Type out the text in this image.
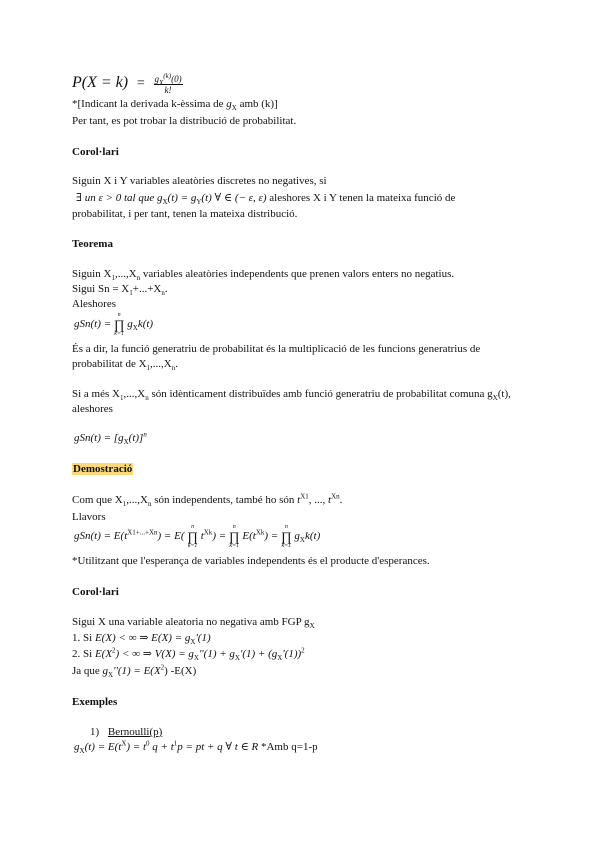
$P(X = k) = \frac{g_X^{(k)}(0)}{k!}$
*[Indicant la derivada k-èssima de $g_X$ amb (k)]
Per tant, es pot trobar la distribució de probabilitat.
Corol·lari
Siguin X i Y variables aleatòries discretes no negatives, si
∃ un ε > 0 tal que $g_X(t) = g_Y(t)$ ∀ ∈ (− ε, ε) aleshores X i Y tenen la mateixa funció de
probabilitat, i per tant, tenen la mateixa distribució.
Teorema
Siguin $X_1,...,X_n$ variables aleatòries independents que prenen valors enters no negatius.
Sigui $Sn = X_1+...+X_n$.
Aleshores
gSn(t) =
n
∏
k=1
$g_Xk(t)$
És a dir, la funció generatriu de probabilitat és la multiplicació de les funcions generatrius de
probabilitat de $X_1,...,X_n$.
Si a més $X_1,...,X_n$ són idènticament distribuïdes amb funció generatriu de probabilitat comuna $g_X(t)$,
aleshores
$gSn(t) = [g_X(t)]^n$
Demostració
Com que $X_1,...,X_n$ són independents, també ho són $t^{X1}$, ..., $t^{Xn}$.
Llavors
$gSn(t) = E(t^{X1+...+Xn}) = E$(
n
∏
k=1
$t^{Xk}$) =
n
∏
k=1
$E(t^{Xk})$ =
n
∏
k=1
$g_Xk(t)$
*Utilitzant que l'esperança de variables independents és el producte d'esperances.
Corol·lari
Sigui X una variable aleatoria no negativa amb FGP $g_X$
1. Si E(X) < ∞ ⇒ $E(X) = g_X'(1)$
2. Si $E(X^2)$ < ∞ ⇒ $V(X) = g_X''(1) + g_X'(1) + (g_X'(1))^2$
Ja que $g_X''(1) = E(X^2)$ -E(X)
Exemples
1) Bernoulli(p)
$g_X(t) = E(t^X) = t^0$ $q + t^1p$ = pt + q ∀ t ∈ R *Amb q=1-p
